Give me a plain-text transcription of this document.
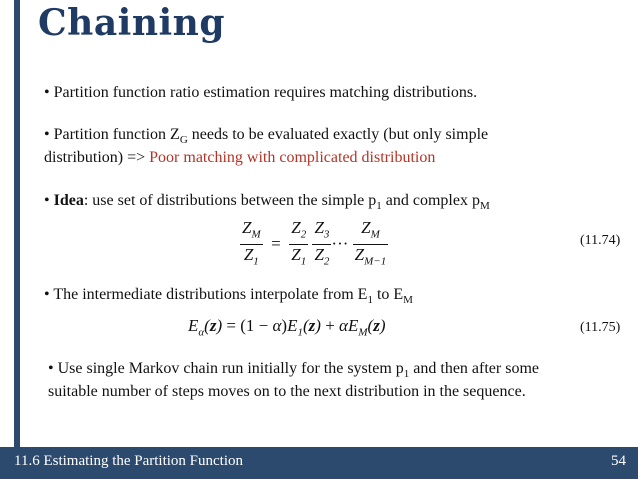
Chaining
• Partition function ratio estimation requires matching distributions.
• Partition function $Z_G$ needs to be evaluated exactly (but only simple
distribution) => Poor matching with complicated distribution
• Idea: use set of distributions between the simple $p_1$ and complex $p_M$
$\frac{Z_M}{Z_1} = \frac{Z_2}{Z_1}$
$\frac{Z_3}{Z_2}$ ··· $\frac{Z_M}{Z_{M-1}}$	(11.74)
• The intermediate distributions interpolate from $E_1$ to $E_M$
$E_\alpha(z) = (1 - \alpha)E_1(z) + \alpha E_M(z)$	(11.75)
• Use single Markov chain run initially for the system $p_1$ and then after some
suitable number of steps moves on to the next distribution in the sequence.
11.6 Estimating the Partition Function	54
